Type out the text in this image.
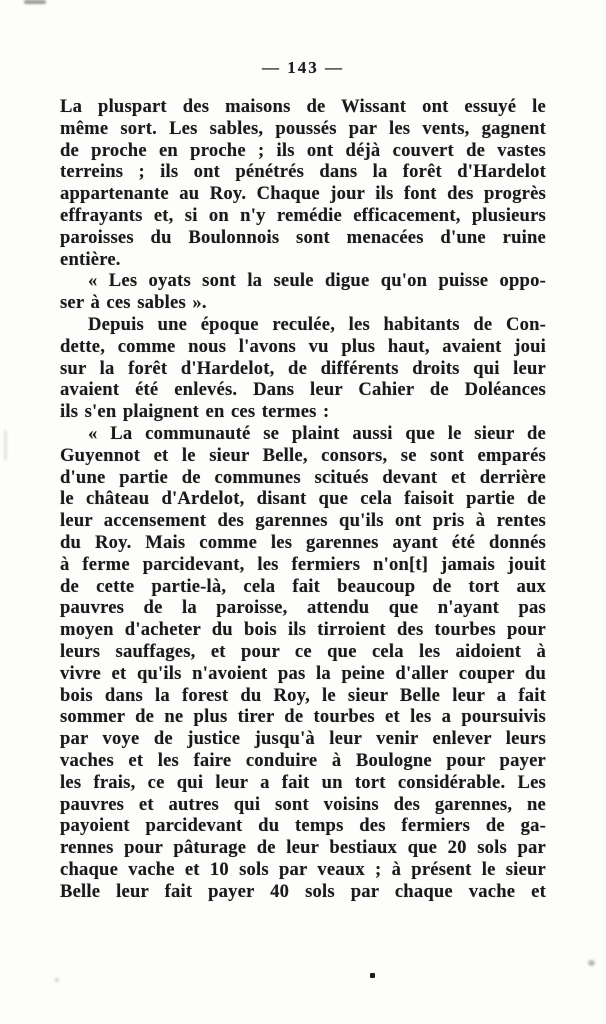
— 143 —
La pluspart des maisons de Wissant ont essuyé le
même sort. Les sables, poussés par les vents, gagnent
de proche en proche ; ils ont déjà couvert de vastes
terreins ; ils ont pénétrés dans la forêt d'Hardelot
appartenante au Roy. Chaque jour ils font des progrès
effrayants et, si on n'y remédie efficacement, plusieurs
paroisses du Boulonnois sont menacées d'une ruine
entière.
« Les oyats sont la seule digue qu'on puisse oppo-
ser à ces sables ».
Depuis une époque reculée, les habitants de Con-
dette, comme nous l'avons vu plus haut, avaient joui
sur la forêt d'Hardelot, de différents droits qui leur
avaient été enlevés. Dans leur Cahier de Doléances
ils s'en plaignent en ces termes :
« La communauté se plaint aussi que le sieur de
Guyennot et le sieur Belle, consors, se sont emparés
d'une partie de communes scitués devant et derrière
le château d'Ardelot, disant que cela faisoit partie de
leur accensement des garennes qu'ils ont pris à rentes
du Roy. Mais comme les garennes ayant été donnés
à ferme parcidevant, les fermiers n'on[t] jamais jouit
de cette partie-là, cela fait beaucoup de tort aux
pauvres de la paroisse, attendu que n'ayant pas
moyen d'acheter du bois ils tirroient des tourbes pour
leurs sauffages, et pour ce que cela les aidoient à
vivre et qu'ils n'avoient pas la peine d'aller couper du
bois dans la forest du Roy, le sieur Belle leur a fait
sommer de ne plus tirer de tourbes et les a poursuivis
par voye de justice jusqu'à leur venir enlever leurs
vaches et les faire conduire à Boulogne pour payer
les frais, ce qui leur a fait un tort considérable. Les
pauvres et autres qui sont voisins des garennes, ne
payoient parcidevant du temps des fermiers de ga-
rennes pour pâturage de leur bestiaux que 20 sols par
chaque vache et 10 sols par veaux ; à présent le sieur
Belle leur fait payer 40 sols par chaque vache et
